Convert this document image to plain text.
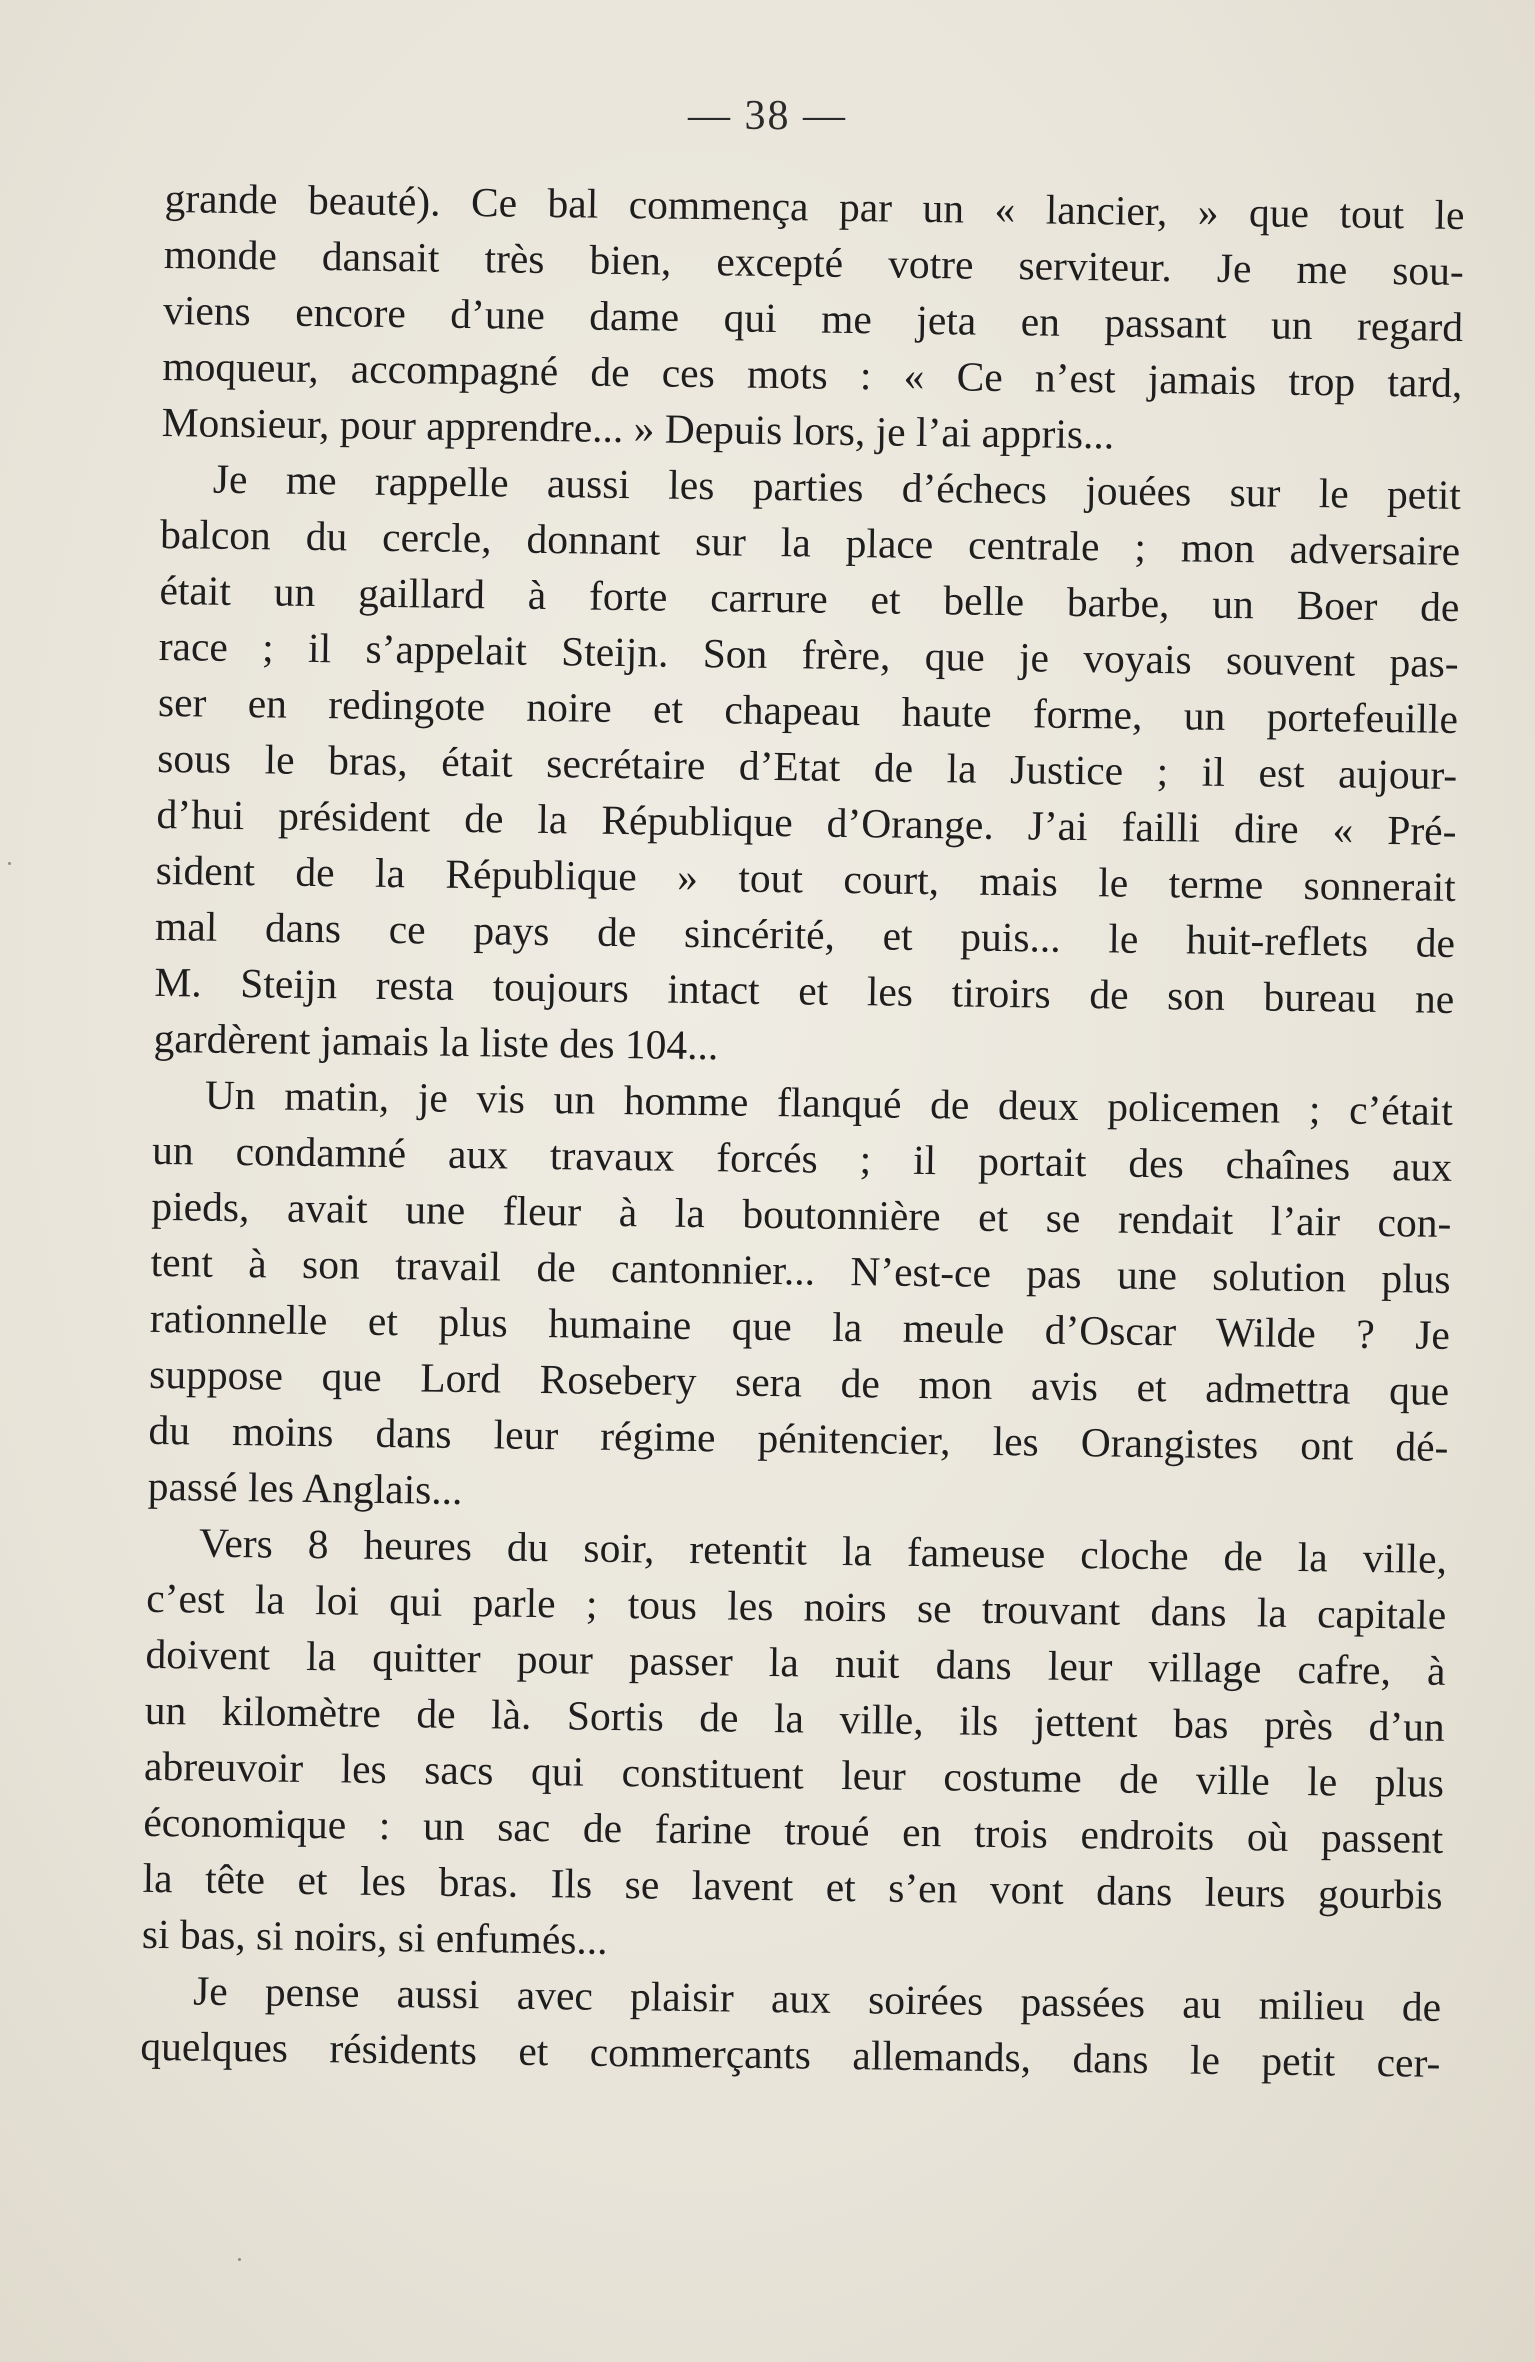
— 38 —
grande beauté). Ce bal commença par un « lancier, » que tout le
monde dansait très bien, excepté votre serviteur. Je me sou-
viens encore d’une dame qui me jeta en passant un regard
moqueur, accompagné de ces mots : « Ce n’est jamais trop tard,
Monsieur, pour apprendre... » Depuis lors, je l’ai appris...
Je me rappelle aussi les parties d’échecs jouées sur le petit
balcon du cercle, donnant sur la place centrale ; mon adversaire
était un gaillard à forte carrure et belle barbe, un Boer de
race ; il s’appelait Steijn. Son frère, que je voyais souvent pas-
ser en redingote noire et chapeau haute forme, un portefeuille
sous le bras, était secrétaire d’Etat de la Justice ; il est aujour-
d’hui président de la République d’Orange. J’ai failli dire « Pré-
sident de la République » tout court, mais le terme sonnerait
mal dans ce pays de sincérité, et puis... le huit-reflets de
M. Steijn resta toujours intact et les tiroirs de son bureau ne
gardèrent jamais la liste des 104...
Un matin, je vis un homme flanqué de deux policemen ; c’était
un condamné aux travaux forcés ; il portait des chaînes aux
pieds, avait une fleur à la boutonnière et se rendait l’air con-
tent à son travail de cantonnier... N’est-ce pas une solution plus
rationnelle et plus humaine que la meule d’Oscar Wilde ? Je
suppose que Lord Rosebery sera de mon avis et admettra que
du moins dans leur régime pénitencier, les Orangistes ont dé-
passé les Anglais...
Vers 8 heures du soir, retentit la fameuse cloche de la ville,
c’est la loi qui parle ; tous les noirs se trouvant dans la capitale
doivent la quitter pour passer la nuit dans leur village cafre, à
un kilomètre de là. Sortis de la ville, ils jettent bas près d’un
abreuvoir les sacs qui constituent leur costume de ville le plus
économique : un sac de farine troué en trois endroits où passent
la tête et les bras. Ils se lavent et s’en vont dans leurs gourbis
si bas, si noirs, si enfumés...
Je pense aussi avec plaisir aux soirées passées au milieu de
quelques résidents et commerçants allemands, dans le petit cer-
